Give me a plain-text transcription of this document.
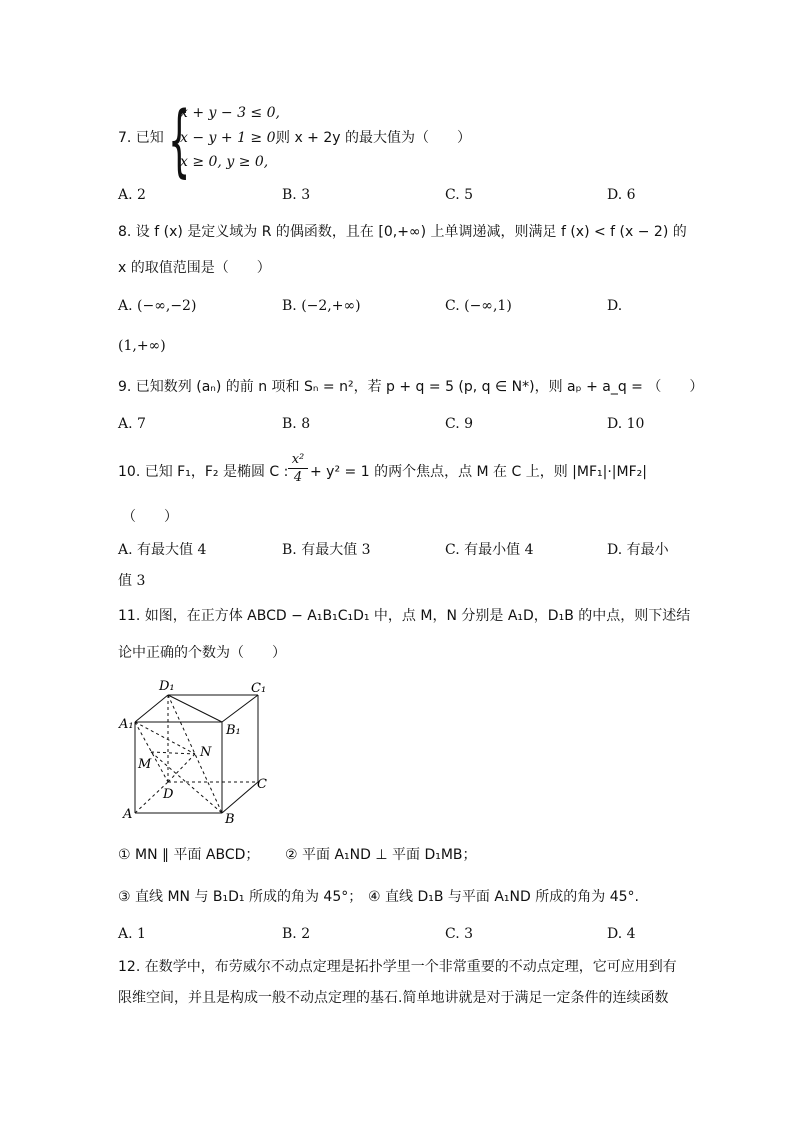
7. 已知 {
x + y − 3 ≤ 0,
x − y + 1 ≥ 0,
x ≥ 0, y ≥ 0,
则 x + 2y 的最大值为（　　）
A. 2	B. 3	C. 5	D. 6
8. 设 f (x) 是定义域为 R 的偶函数，且在 [0,+∞) 上单调递减，则满足 f (x) < f (x − 2) 的
x 的取值范围是（　　）
A. (−∞,−2)	B. (−2,+∞)	C. (−∞,1)	D.
(1,+∞)
9. 已知数列 (aₙ) 的前 n 项和 Sₙ = n²，若 p + q = 5 (p, q ∈ N*)，则 aₚ + a_q = （　　）
A. 7	B. 8	C. 9	D. 10
10. 已知 F₁，F₂ 是椭圆 C : $\frac{\text{x²}}{4} + y^2 = 1$ 的两个焦点，点 M 在 C 上，则 |MF₁|·|MF₂|
（　　）
A. 有最大值 4	B. 有最大值 3	C. 有最小值 4	D. 有最小
值 3
11. 如图，在正方体 ABCD − A₁B₁C₁D₁ 中，点 M，N 分别是 A₁D，D₁B 的中点，则下述结
论中正确的个数为（　　）
D₁	C₁
A₁	B₁
N
M
D
C
A	B
① MN ∥ 平面 ABCD； ② 平面 A₁ND ⊥ 平面 D₁MB；
③ 直线 MN 与 B₁D₁ 所成的角为 45°； ④ 直线 D₁B 与平面 A₁ND 所成的角为 45°.
A. 1	B. 2	C. 3	D. 4
12. 在数学中，布劳威尔不动点定理是拓扑学里一个非常重要的不动点定理，它可应用到有
限维空间，并且是构成一般不动点定理的基石.简单地讲就是对于满足一定条件的连续函数
